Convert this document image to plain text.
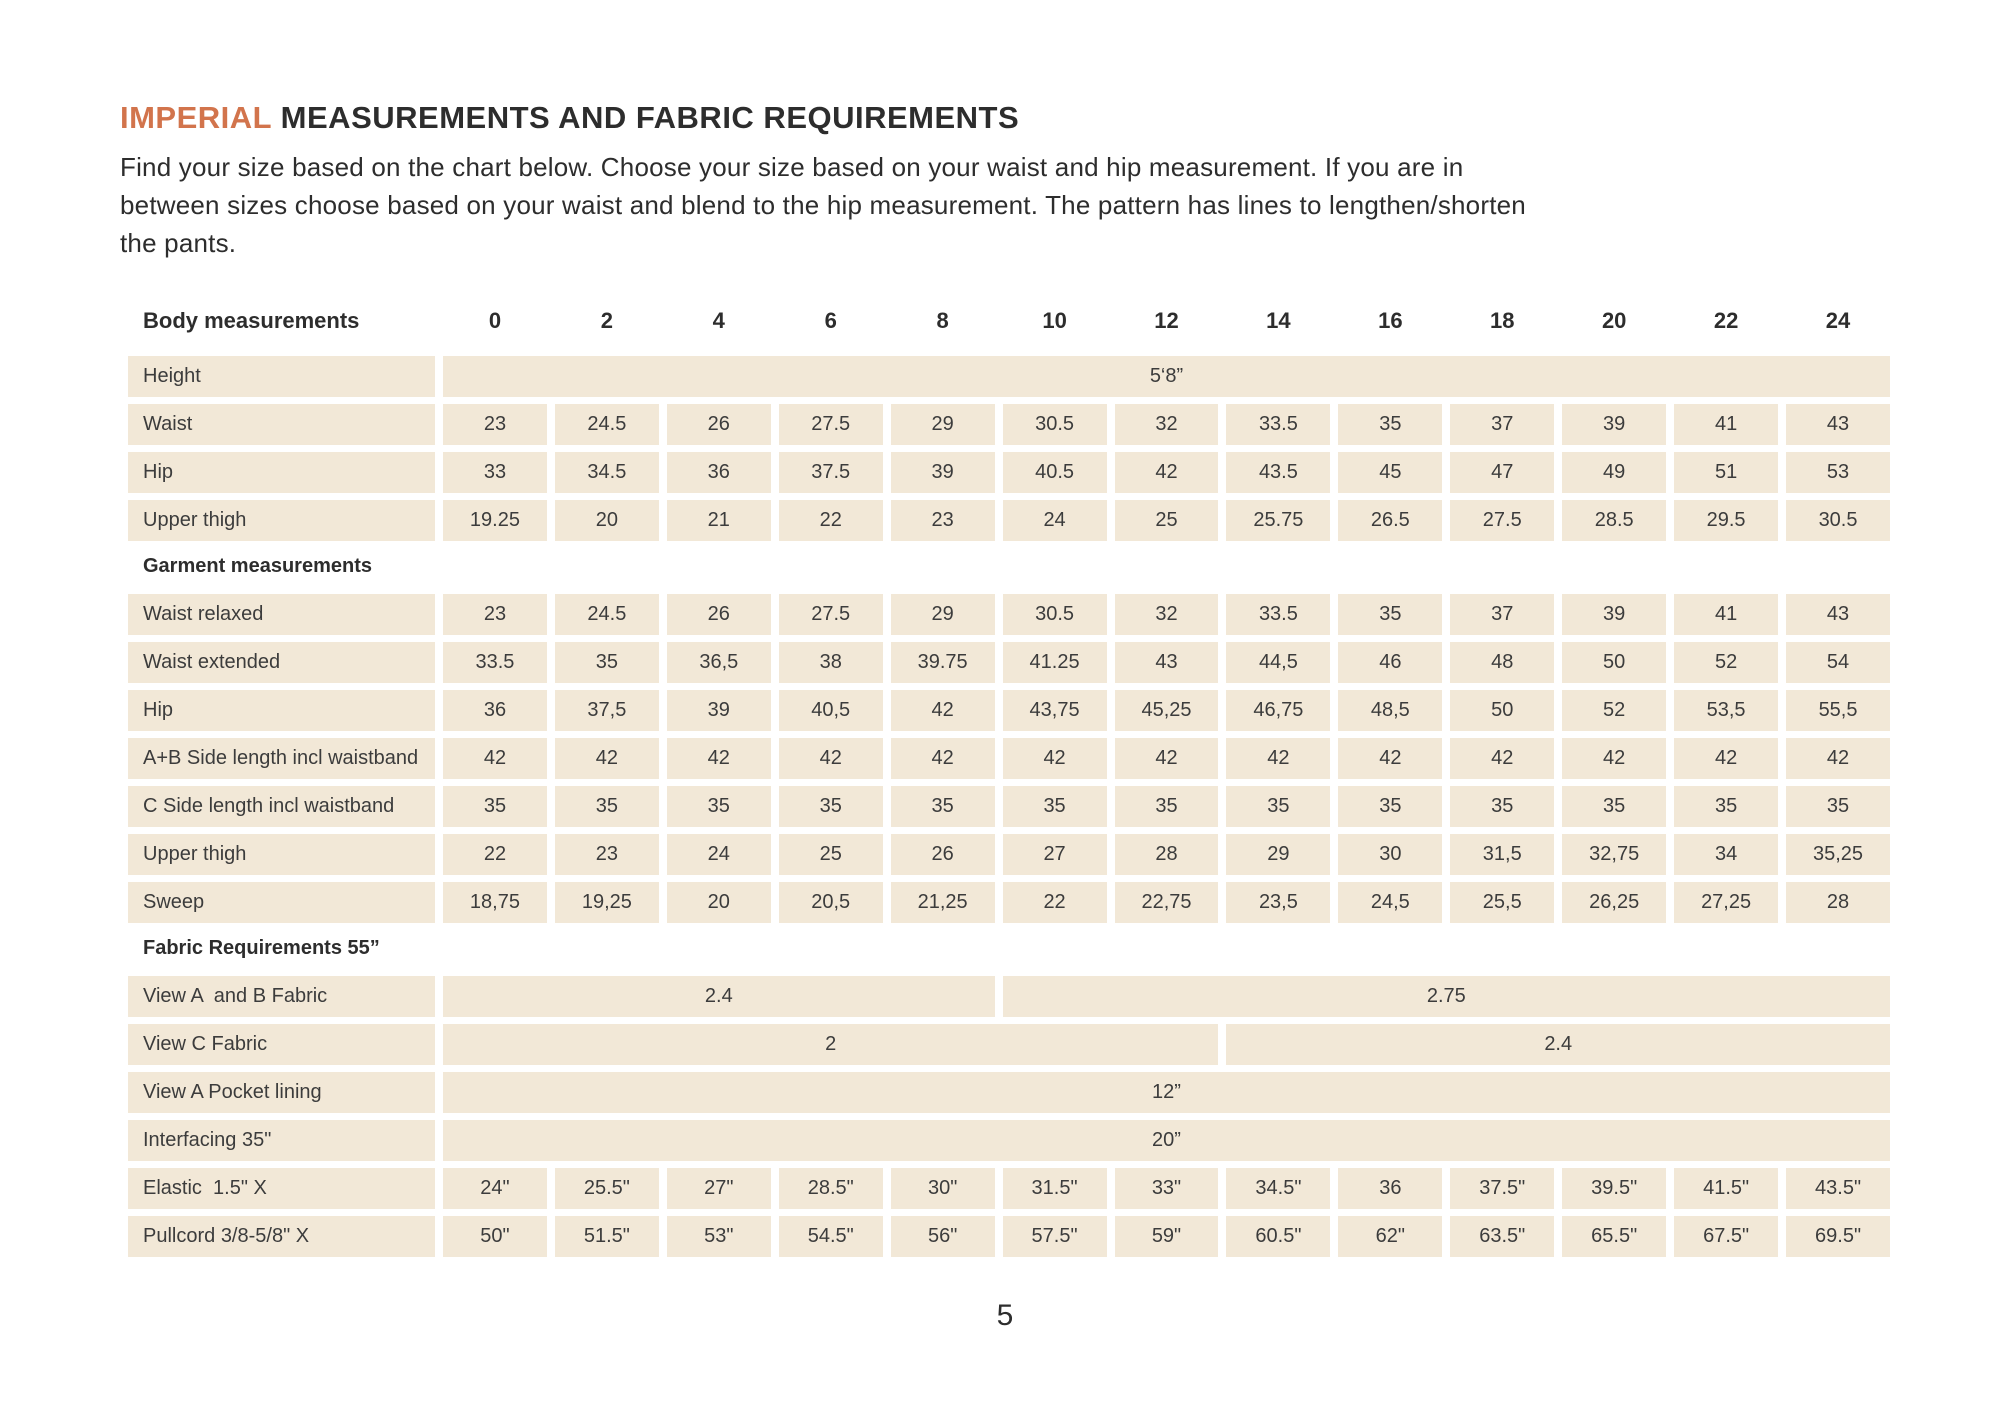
IMPERIAL MEASUREMENTS AND FABRIC REQUIREMENTS
Find your size based on the chart below. Choose your size based on your waist and hip measurement. If you are in
between sizes choose based on your waist and blend to the hip measurement. The pattern has lines to lengthen/shorten
the pants.
Body measurements	0	2	4	6	8	10	12	14	16	18	20	22	24
Height	5‘8”
Waist	23	24.5	26	27.5	29	30.5	32	33.5	35	37	39	41	43
Hip	33	34.5	36	37.5	39	40.5	42	43.5	45	47	49	51	53
Upper thigh	19.25	20	21	22	23	24	25	25.75	26.5	27.5	28.5	29.5	30.5
Garment measurements
Waist relaxed	23	24.5	26	27.5	29	30.5	32	33.5	35	37	39	41	43
Waist extended	33.5	35	36,5	38	39.75	41.25	43	44,5	46	48	50	52	54
Hip	36	37,5	39	40,5	42	43,75	45,25	46,75	48,5	50	52	53,5	55,5
A+B Side length incl waistband	42	42	42	42	42	42	42	42	42	42	42	42	42
C Side length incl waistband	35	35	35	35	35	35	35	35	35	35	35	35	35
Upper thigh	22	23	24	25	26	27	28	29	30	31,5	32,75	34	35,25
Sweep	18,75	19,25	20	20,5	21,25	22	22,75	23,5	24,5	25,5	26,25	27,25	28
Fabric Requirements 55”
View A  and B Fabric	2.4	2.75
View C Fabric	2	2.4
View A Pocket lining	12”
Interfacing 35"	20”
Elastic  1.5" X	24"	25.5"	27"	28.5"	30"	31.5"	33"	34.5"	36	37.5"	39.5"	41.5"	43.5"
Pullcord 3/8-5/8" X	50"	51.5"	53"	54.5"	56"	57.5"	59"	60.5"	62"	63.5"	65.5"	67.5"	69.5"
5
